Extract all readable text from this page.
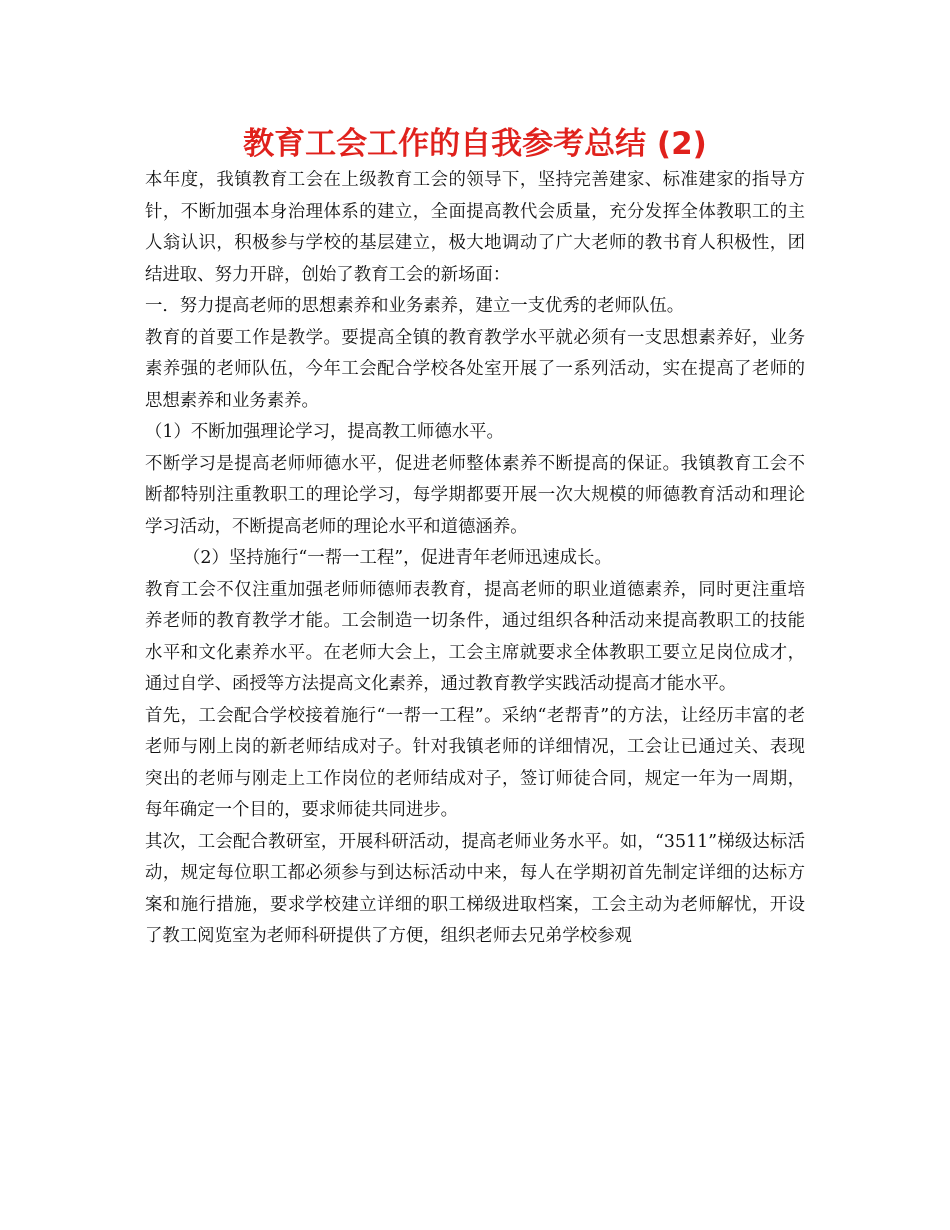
教育工会工作的自我参考总结 (2)

本年度，我镇教育工会在上级教育工会的领导下，坚持完善建家、标准建家的指导方针，不断加强本身治理体系的建立，全面提高教代会质量，充分发挥全体教职工的主人翁认识，积极参与学校的基层建立，极大地调动了广大老师的教书育人积极性，团结进取、努力开辟，创始了教育工会的新场面：

一．努力提高老师的思想素养和业务素养，建立一支优秀的老师队伍。

教育的首要工作是教学。要提高全镇的教育教学水平就必须有一支思想素养好，业务素养强的老师队伍，今年工会配合学校各处室开展了一系列活动，实在提高了老师的思想素养和业务素养。

（1）不断加强理论学习，提高教工师德水平。

不断学习是提高老师师德水平，促进老师整体素养不断提高的保证。我镇教育工会不断都特别注重教职工的理论学习，每学期都要开展一次大规模的师德教育活动和理论学习活动，不断提高老师的理论水平和道德涵养。

（2）坚持施行“一帮一工程”，促进青年老师迅速成长。

教育工会不仅注重加强老师师德师表教育，提高老师的职业道德素养，同时更注重培养老师的教育教学才能。工会制造一切条件，通过组织各种活动来提高教职工的技能水平和文化素养水平。在老师大会上，工会主席就要求全体教职工要立足岗位成才，通过自学、函授等方法提高文化素养，通过教育教学实践活动提高才能水平。

首先，工会配合学校接着施行“一帮一工程”。采纳“老帮青”的方法，让经历丰富的老老师与刚上岗的新老师结成对子。针对我镇老师的详细情况，工会让已通过关、表现突出的老师与刚走上工作岗位的老师结成对子，签订师徒合同，规定一年为一周期，每年确定一个目的，要求师徒共同进步。

其次，工会配合教研室，开展科研活动，提高老师业务水平。如，“3511”梯级达标活动，规定每位职工都必须参与到达标活动中来，每人在学期初首先制定详细的达标方案和施行措施，要求学校建立详细的职工梯级进取档案，工会主动为老师解忧，开设了教工阅览室为老师科研提供了方便，组织老师去兄弟学校参观
